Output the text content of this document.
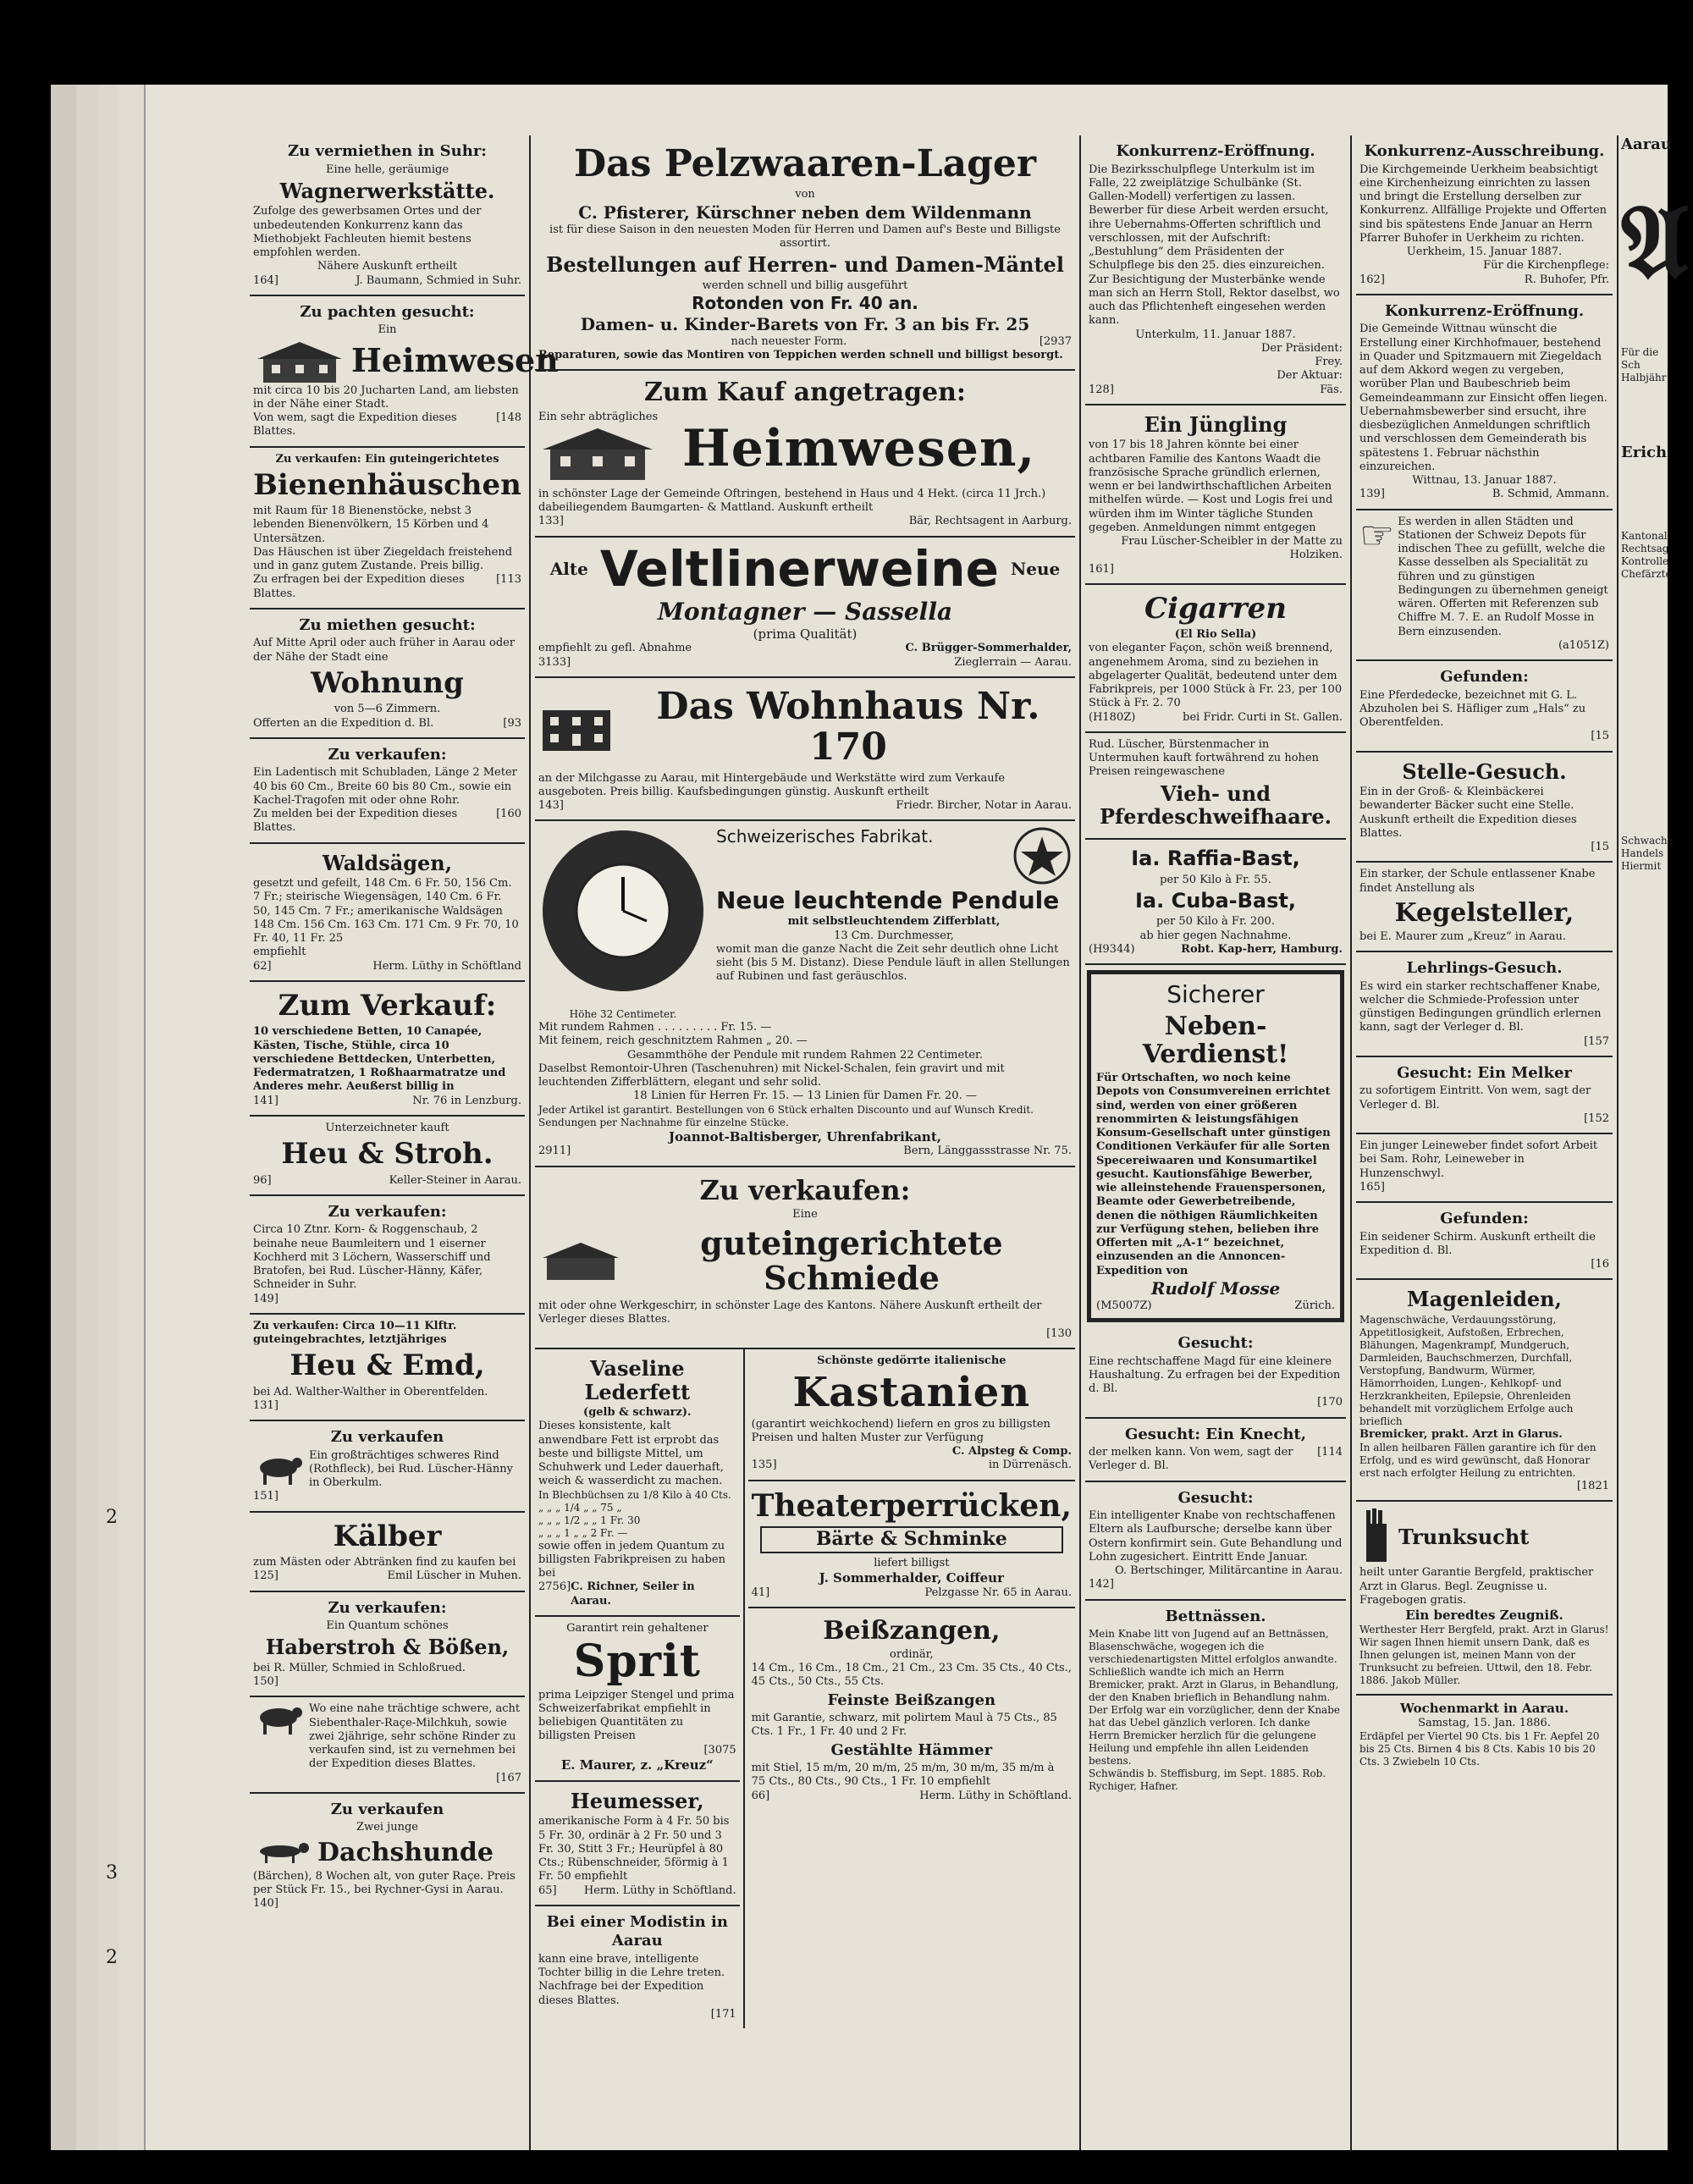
2
3
2
Zu vermiethen in Suhr:
Eine helle, geräumige
Wagnerwerkstätte.
Zufolge des gewerbsamen Ortes und der unbedeutenden Konkurrenz kann das Miethobjekt Fachleuten hiemit bestens empfohlen werden.
Nähere Auskunft ertheilt
164]	J. Baumann, Schmied in Suhr.
Zu pachten gesucht:
Ein
Heimwesen
mit circa 10 bis 20 Jucharten Land, am liebsten in der Nähe einer Stadt.
Von wem, sagt die Expedition dieses Blattes.
[148
Zu verkaufen: Ein guteingerichtetes
Bienenhäuschen
mit Raum für 18 Bienenstöcke, nebst 3 lebenden Bienenvölkern, 15 Körben und 4 Untersätzen.
Das Häuschen ist über Ziegeldach freistehend und in ganz gutem Zustande. Preis billig.
Zu erfragen bei der Expedition dieses Blattes.
[113
Zu miethen gesucht:
Auf Mitte April oder auch früher in Aarau oder der Nähe der Stadt eine
Wohnung
von 5—6 Zimmern.
Offerten an die Expedition d. Bl.	[93
Zu verkaufen:
Ein Ladentisch mit Schubladen, Länge 2 Meter 40 bis 60 Cm., Breite 60 bis 80 Cm., sowie ein Kachel-Tragofen mit oder ohne Rohr.
Zu melden bei der Expedition dieses Blattes.
[160
Waldsägen,
gesetzt und gefeilt, 148 Cm. 6 Fr. 50, 156 Cm. 7 Fr.; steirische Wiegensägen, 140 Cm. 6 Fr. 50, 145 Cm. 7 Fr.; amerikanische Waldsägen 148 Cm. 156 Cm. 163 Cm. 171 Cm. 9 Fr. 70, 10 Fr. 40, 11 Fr. 25
empfiehlt
62]	Herm. Lüthy in Schöftland
Zum Verkauf:
10 verschiedene Betten, 10 Canapée, Kästen, Tische, Stühle, circa 10 verschiedene Bettdecken, Unterbetten, Federmatratzen, 1 Roßhaarmatratze und Anderes mehr. Aeußerst billig in
141]	Nr. 76 in Lenzburg.
Unterzeichneter kauft
Heu & Stroh.
96]	Keller-Steiner in Aarau.
Zu verkaufen:
Circa 10 Ztnr. Korn- & Roggenschaub, 2 beinahe neue Baumleitern und 1 eiserner Kochherd mit 3 Löchern, Wasserschiff und Bratofen, bei Rud. Lüscher-Hänny, Käfer, Schneider in Suhr.
149]
Zu verkaufen: Circa 10—11 Klftr. guteingebrachtes, letztjähriges
Heu & Emd,
bei Ad. Walther-Walther in Oberentfelden.
131]
Zu verkaufen
Ein großträchtiges schweres Rind (Rothfleck), bei Rud. Lüscher-Hänny in Oberkulm.
151]
Kälber
zum Mästen oder Abtränken find zu kaufen bei
125]	Emil Lüscher in Muhen.
Zu verkaufen:
Ein Quantum schönes
Haberstroh & Bößen,
bei R. Müller, Schmied in Schloßrued.
150]
Wo eine nahe trächtige schwere, acht Siebenthaler-Raçe-Milchkuh, sowie zwei 2jährige, sehr schöne Rinder zu verkaufen sind, ist zu vernehmen bei der Expedition dieses Blattes.
[167
Zu verkaufen
Zwei junge
Dachshunde
(Bärchen), 8 Wochen alt, von guter Raçe. Preis per Stück Fr. 15., bei Rychner-Gysi in Aarau.
140]
Das Pelzwaaren-Lager
von
C. Pfisterer, Kürschner neben dem Wildenmann
ist für diese Saison in den neuesten Moden für Herren und Damen auf's Beste und Billigste assortirt.
Bestellungen auf Herren- und Damen-Mäntel
werden schnell und billig ausgeführt
Rotonden von Fr. 40 an.
Damen- u. Kinder-Barets von Fr. 3 an bis Fr. 25
nach neuester Form.	[2937
Reparaturen, sowie das Montiren von Teppichen werden schnell und billigst besorgt.
Zum Kauf angetragen:
Ein sehr abträgliches
Heimwesen,
in schönster Lage der Gemeinde Oftringen, bestehend in Haus und 4 Hekt. (circa 11 Jrch.) dabeiliegendem Baumgarten- & Mattland. Auskunft ertheilt
133]	Bär, Rechtsagent in Aarburg.
Alte Veltlinerweine Neue
Montagner — Sassella
(prima Qualität)
empfiehlt zu gefl. Abnahme	C. Brügger-Sommerhalder,
3133]	Zieglerrain — Aarau.
Das Wohnhaus Nr. 170
an der Milchgasse zu Aarau, mit Hintergebäude und Werkstätte wird zum Verkaufe ausgeboten. Preis billig. Kaufsbedingungen günstig. Auskunft ertheilt
143]	Friedr. Bircher, Notar in Aarau.
Höhe 32 Centimeter.
Schweizerisches Fabrikat.
Neue leuchtende Pendule
mit selbstleuchtendem Zifferblatt,
13 Cm. Durchmesser,
womit man die ganze Nacht die Zeit sehr deutlich ohne Licht sieht (bis 5 M. Distanz). Diese Pendule läuft in allen Stellungen auf Rubinen und fast geräuschlos.
Mit rundem Rahmen . . . . . . . . . Fr. 15. —
Mit feinem, reich geschnitztem Rahmen „ 20. —
Gesammthöhe der Pendule mit rundem Rahmen 22 Centimeter.
Daselbst Remontoir-Uhren (Taschenuhren) mit Nickel-Schalen, fein gravirt und mit leuchtenden Zifferblättern, elegant und sehr solid.
18 Linien für Herren Fr. 15. — 13 Linien für Damen Fr. 20. —
Jeder Artikel ist garantirt. Bestellungen von 6 Stück erhalten Discounto und auf Wunsch Kredit. Sendungen per Nachnahme für einzelne Stücke.
Joannot-Baltisberger, Uhrenfabrikant,
2911]	Bern, Länggassstrasse Nr. 75.
Zu verkaufen:
Eine
guteingerichtete Schmiede
mit oder ohne Werkgeschirr, in schönster Lage des Kantons. Nähere Auskunft ertheilt der Verleger dieses Blattes.
[130
Vaseline Lederfett
(gelb & schwarz).
Dieses konsistente, kalt anwendbare Fett ist erprobt das beste und billigste Mittel, um Schuhwerk und Leder dauerhaft, weich & wasserdicht zu machen.
In Blechbüchsen zu 1/8 Kilo à 40 Cts.
„ „ „ 1/4 „ „ 75 „
„ „ „ 1/2 „ „ 1 Fr. 30
„ „ „ 1 „ „ 2 Fr. —
sowie offen in jedem Quantum zu billigsten Fabrikpreisen zu haben bei
2756] C. Richner, Seiler in Aarau.
Garantirt rein gehaltener
Sprit
prima Leipziger Stengel und prima Schweizerfabrikat empfiehlt in beliebigen Quantitäten zu billigsten Preisen
[3075
E. Maurer, z. „Kreuz“
Heumesser,
amerikanische Form à 4 Fr. 50 bis 5 Fr. 30, ordinär à 2 Fr. 50 und 3 Fr. 30, Stitt 3 Fr.; Heurüpfel à 80 Cts.; Rübenschneider, 5förmig à 1 Fr. 50 empfiehlt
65] Herm. Lüthy in Schöftland.
Bei einer Modistin in Aarau
kann eine brave, intelligente Tochter billig in die Lehre treten. Nachfrage bei der Expedition dieses Blattes.
[171
Schönste gedörrte italienische
Kastanien
(garantirt weichkochend) liefern en gros zu billigsten Preisen und halten Muster zur Verfügung
C. Alpsteg & Comp.
135]	in Dürrenäsch.
Theaterperrücken,
Bärte & Schminke
liefert billigst
J. Sommerhalder, Coiffeur
41]	Pelzgasse Nr. 65 in Aarau.
Beißzangen,
ordinär,
14 Cm., 16 Cm., 18 Cm., 21 Cm., 23 Cm. 35 Cts., 40 Cts., 45 Cts., 50 Cts., 55 Cts.
Feinste Beißzangen
mit Garantie, schwarz, mit polirtem Maul à 75 Cts., 85 Cts. 1 Fr., 1 Fr. 40 und 2 Fr.
Gestählte Hämmer
mit Stiel, 15 m/m, 20 m/m, 25 m/m, 30 m/m, 35 m/m à 75 Cts., 80 Cts., 90 Cts., 1 Fr. 10 empfiehlt
66]	Herm. Lüthy in Schöftland.
Konkurrenz-Eröffnung.
Die Bezirksschulpflege Unterkulm ist im Falle, 22 zweiplätzige Schulbänke (St. Gallen-Modell) verfertigen zu lassen. Bewerber für diese Arbeit werden ersucht, ihre Uebernahms-Offerten schriftlich und verschlossen, mit der Aufschrift: „Bestuhlung“ dem Präsidenten der Schulpflege bis den 25. dies einzureichen. Zur Besichtigung der Musterbänke wende man sich an Herrn Stoll, Rektor daselbst, wo auch das Pflichtenheft eingesehen werden kann.
Unterkulm, 11. Januar 1887.
Der Präsident:
Frey.
Der Aktuar:
128]	Fäs.
Ein Jüngling
von 17 bis 18 Jahren könnte bei einer achtbaren Familie des Kantons Waadt die französische Sprache gründlich erlernen, wenn er bei landwirthschaftlichen Arbeiten mithelfen würde. — Kost und Logis frei und würden ihm im Winter tägliche Stunden gegeben. Anmeldungen nimmt entgegen
Frau Lüscher-Scheibler in der Matte zu Holziken.
161]
Cigarren
(El Rio Sella)
von eleganter Façon, schön weiß brennend, angenehmem Aroma, sind zu beziehen in abgelagerter Qualität, bedeutend unter dem Fabrikpreis, per 1000 Stück à Fr. 23, per 100 Stück à Fr. 2. 70
(H180Z)	bei Fridr. Curti in St. Gallen.
Rud. Lüscher, Bürstenmacher in Untermuhen kauft fortwährend zu hohen Preisen reingewaschene
Vieh- und Pferdeschweifhaare.
Ia. Raffia-Bast,
per 50 Kilo à Fr. 55.
Ia. Cuba-Bast,
per 50 Kilo à Fr. 200.
ab hier gegen Nachnahme.
(H9344)	Robt. Kap-herr, Hamburg.
Sicherer
Neben-Verdienst!
Für Ortschaften, wo noch keine Depots von Consumvereinen errichtet sind, werden von einer größeren renommirten & leistungsfähigen Konsum-Gesellschaft unter günstigen Conditionen Verkäufer für alle Sorten Specereiwaaren und Konsumartikel gesucht. Kautionsfähige Bewerber, wie alleinstehende Frauenspersonen, Beamte oder Gewerbetreibende, denen die nöthigen Räumlichkeiten zur Verfügung stehen, belieben ihre Offerten mit „A-1“ bezeichnet, einzusenden an die Annoncen-Expedition von
Rudolf Mosse
(M5007Z)	Zürich.
Gesucht:
Eine rechtschaffene Magd für eine kleinere Haushaltung. Zu erfragen bei der Expedition d. Bl.
[170
Gesucht: Ein Knecht,
der melken kann. Von wem, sagt der Verleger d. Bl.
[114
Gesucht:
Ein intelligenter Knabe von rechtschaffenen Eltern als Laufbursche; derselbe kann über Ostern konfirmirt sein. Gute Behandlung und Lohn zugesichert. Eintritt Ende Januar.
O. Bertschinger, Militärcantine in Aarau.
142]
Bettnässen.
Mein Knabe litt von Jugend auf an Bettnässen, Blasenschwäche, wogegen ich die verschiedenartigsten Mittel erfolglos anwandte. Schließlich wandte ich mich an Herrn Bremicker, prakt. Arzt in Glarus, in Behandlung, der den Knaben brieflich in Behandlung nahm. Der Erfolg war ein vorzüglicher, denn der Knabe hat das Uebel gänzlich verloren. Ich danke Herrn Bremicker herzlich für die gelungene Heilung und empfehle ihn allen Leidenden bestens.
Schwändis b. Steffisburg, im Sept. 1885. Rob. Rychiger, Hafner.
Konkurrenz-Ausschreibung.
Die Kirchgemeinde Uerkheim beabsichtigt eine Kirchenheizung einrichten zu lassen und bringt die Erstellung derselben zur Konkurrenz. Allfällige Projekte und Offerten sind bis spätestens Ende Januar an Herrn Pfarrer Buhofer in Uerkheim zu richten.
Uerkheim, 15. Januar 1887.
Für die Kirchenpflege:
162]	R. Buhofer, Pfr.
Konkurrenz-Eröffnung.
Die Gemeinde Wittnau wünscht die Erstellung einer Kirchhofmauer, bestehend in Quader und Spitzmauern mit Ziegeldach auf dem Akkord wegen zu vergeben, worüber Plan und Baubeschrieb beim Gemeindeammann zur Einsicht offen liegen. Uebernahmsbewerber sind ersucht, ihre diesbezüglichen Anmeldungen schriftlich und verschlossen dem Gemeinderath bis spätestens 1. Februar nächsthin einzureichen.
Wittnau, 13. Januar 1887.
139]	B. Schmid, Ammann.
☞ Es werden in allen Städten und Stationen der Schweiz Depots für indischen Thee zu gefüllt, welche die Kasse desselben als Specialität zu führen und zu günstigen Bedingungen zu übernehmen geneigt wären. Offerten mit Referenzen sub Chiffre M. 7. E. an Rudolf Mosse in Bern einzusenden.
(a1051Z)
Gefunden:
Eine Pferdedecke, bezeichnet mit G. L. Abzuholen bei S. Häfliger zum „Hals“ zu Oberentfelden.
[15
Stelle-Gesuch.
Ein in der Groß- & Kleinbäckerei bewanderter Bäcker sucht eine Stelle. Auskunft ertheilt die Expedition dieses Blattes.
[15
Ein starker, der Schule entlassener Knabe findet Anstellung als
Kegelsteller,
bei E. Maurer zum „Kreuz“ in Aarau.
Lehrlings-Gesuch.
Es wird ein starker rechtschaffener Knabe, welcher die Schmiede-Profession unter günstigen Bedingungen gründlich erlernen kann, sagt der Verleger d. Bl.
[157
Gesucht: Ein Melker
zu sofortigem Eintritt. Von wem, sagt der Verleger d. Bl.
[152
Ein junger Leineweber findet sofort Arbeit bei Sam. Rohr, Leineweber in Hunzenschwyl.
165]
Gefunden:
Ein seidener Schirm. Auskunft ertheilt die Expedition d. Bl.
[16
Magenleiden,
Magenschwäche, Verdauungsstörung, Appetitlosigkeit, Aufstoßen, Erbrechen, Blähungen, Magenkrampf, Mundgeruch, Darmleiden, Bauchschmerzen, Durchfall, Verstopfung, Bandwurm, Würmer, Hämorrhoiden, Lungen-, Kehlkopf- und Herzkrankheiten, Epilepsie, Ohrenleiden behandelt mit vorzüglichem Erfolge auch brieflich
Bremicker, prakt. Arzt in Glarus.
In allen heilbaren Fällen garantire ich für den Erfolg, und es wird gewünscht, daß Honorar erst nach erfolgter Heilung zu entrichten.
[1821
Trunksucht
heilt unter Garantie Bergfeld, praktischer Arzt in Glarus. Begl. Zeugnisse u. Fragebogen gratis.
Ein beredtes Zeugniß.
Werthester Herr Bergfeld, prakt. Arzt in Glarus! Wir sagen Ihnen hiemit unsern Dank, daß es Ihnen gelungen ist, meinen Mann von der Trunksucht zu befreien. Uttwil, den 18. Febr. 1886. Jakob Müller.
Wochenmarkt in Aarau.
Samstag, 15. Jan. 1886.
Erdäpfel per Viertel 90 Cts. bis 1 Fr. Aepfel 20 bis 25 Cts. Birnen 4 bis 8 Cts. Kabis 10 bis 20 Cts. 3 Zwiebeln 10 Cts.
Aarau
𝔄
Für die Sch
Halbjähr
Erich
Kantonal
Rechtsag
Kontrolle
Chefärzte
Schwache
Handels
Hiermit
